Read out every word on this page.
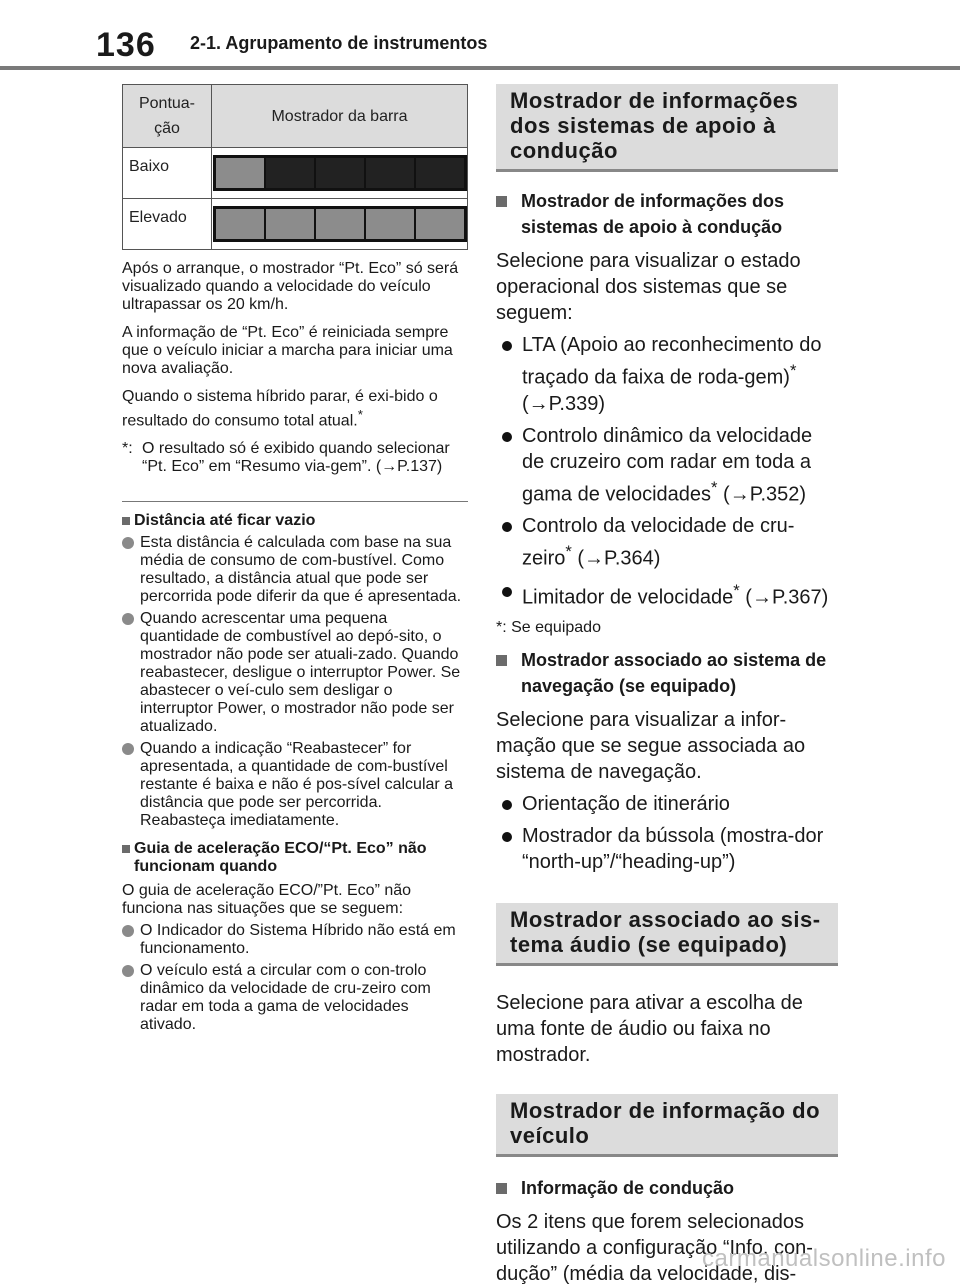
136 2-1. Agrupamento de instrumentos
Pontua-
ção	Mostrador da barra
Baixo	

Elevado	

Após o arranque, o mostrador “Pt. Eco” só será visualizado quando a velocidade do veículo ultrapassar os 20 km/h.

A informação de “Pt. Eco” é reiniciada sempre que o veículo iniciar a marcha para iniciar uma nova avaliação.

Quando o sistema híbrido parar, é exi-bido o resultado do consumo total atual.*

*: O resultado só é exibido quando selecionar “Pt. Eco” em “Resumo via-gem”. (→P.137)
Distância até ficar vazio
Esta distância é calculada com base na sua média de consumo de com-bustível. Como resultado, a distância atual que pode ser percorrida pode diferir da que é apresentada.
Quando acrescentar uma pequena quantidade de combustível ao depó-sito, o mostrador não pode ser atuali-zado. Quando reabastecer, desligue o interruptor Power. Se abastecer o veí-culo sem desligar o interruptor Power, o mostrador não pode ser atualizado.
Quando a indicação “Reabastecer” for apresentada, a quantidade de com-bustível restante é baixa e não é pos-sível calcular a distância que pode ser percorrida.
Reabasteça imediatamente.
Guia de aceleração ECO/“Pt. Eco” não funcionam quando

O guia de aceleração ECO/”Pt. Eco” não funciona nas situações que se seguem:

O Indicador do Sistema Híbrido não está em funcionamento.
O veículo está a circular com o con-trolo dinâmico da velocidade de cru-zeiro com radar em toda a gama de velocidades ativado.
Mostrador de informações dos sistemas de apoio à condução
Mostrador de informações dos sistemas de apoio à condução

Selecione para visualizar o estado operacional dos sistemas que se seguem:

LTA (Apoio ao reconhecimento do traçado da faixa de roda-gem)* (→P.339)
Controlo dinâmico da velocidade de cruzeiro com radar em toda a gama de velocidades* (→P.352)
Controlo da velocidade de cru-zeiro* (→P.364)
Limitador de velocidade* (→P.367)

*: Se equipado

Mostrador associado ao sistema de navegação (se equipado)

Selecione para visualizar a infor-mação que se segue associada ao sistema de navegação.

Orientação de itinerário
Mostrador da bússola (mostra-dor “north-up”/“heading-up”)
Mostrador associado ao sis-tema áudio (se equipado)

Selecione para ativar a escolha de uma fonte de áudio ou faixa no mostrador.

Mostrador de informação do veículo
Informação de condução

Os 2 itens que forem selecionados utilizando a configuração “Info. con-dução” (média da velocidade, dis-

carmanualsonline.info
